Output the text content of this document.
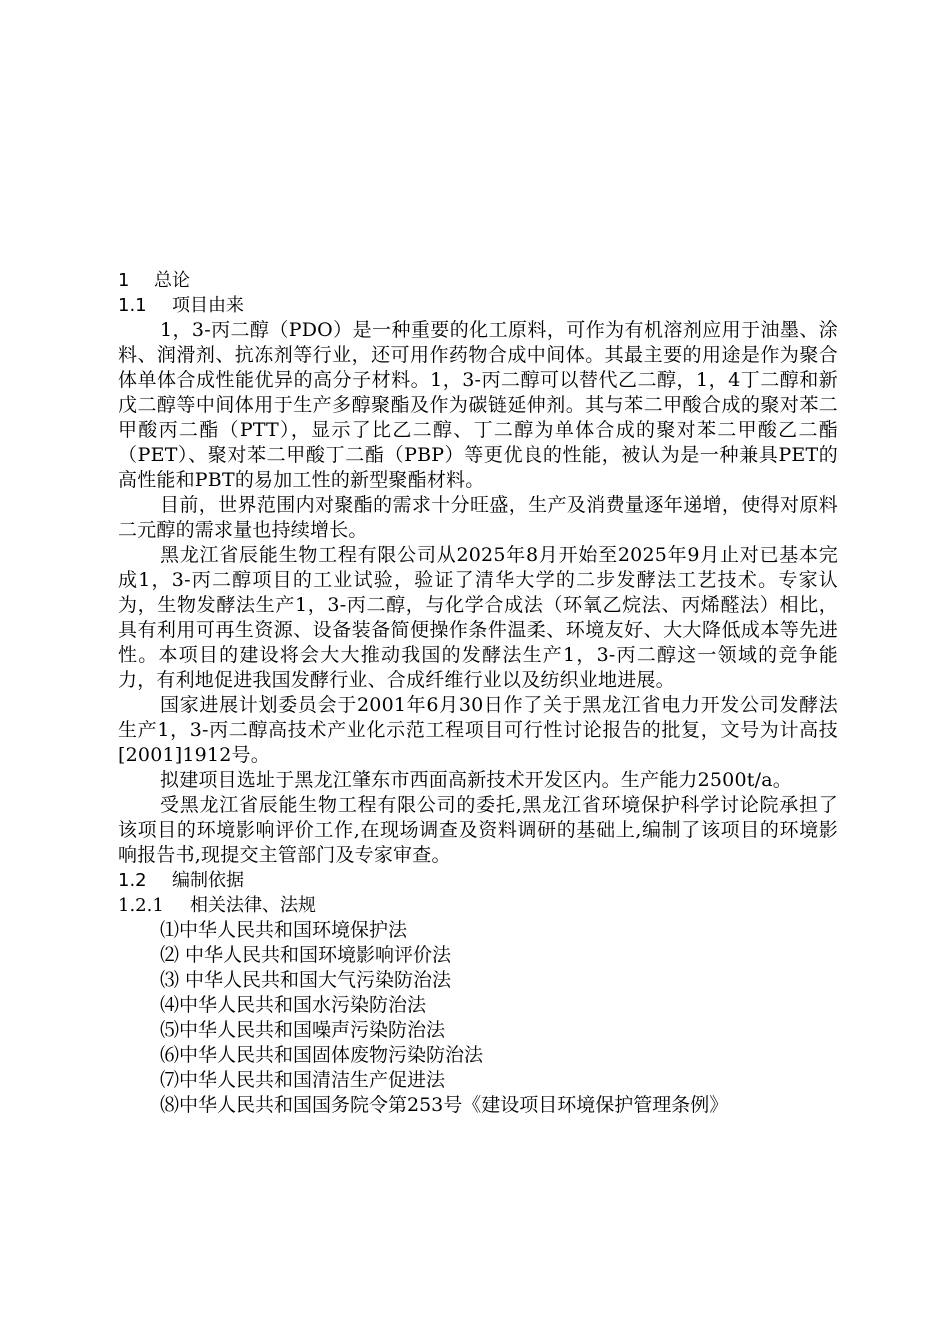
1 总论
1.1 项目由来

1，3-丙二醇（PDO）是一种重要的化工原料，可作为有机溶剂应用于油墨、涂料、润滑剂、抗冻剂等行业，还可用作药物合成中间体。其最主要的用途是作为聚合体单体合成性能优异的高分子材料。1，3-丙二醇可以替代乙二醇，1，4丁二醇和新戊二醇等中间体用于生产多醇聚酯及作为碳链延伸剂。其与苯二甲酸合成的聚对苯二甲酸丙二酯（PTT），显示了比乙二醇、丁二醇为单体合成的聚对苯二甲酸乙二酯（PET）、聚对苯二甲酸丁二酯（PBP）等更优良的性能，被认为是一种兼具PET的高性能和PBT的易加工性的新型聚酯材料。

目前，世界范围内对聚酯的需求十分旺盛，生产及消费量逐年递增，使得对原料二元醇的需求量也持续增长。

黑龙江省辰能生物工程有限公司从2025年8月开始至2025年9月止对已基本完成1，3-丙二醇项目的工业试验，验证了清华大学的二步发酵法工艺技术。专家认为，生物发酵法生产1，3-丙二醇，与化学合成法（环氧乙烷法、丙烯醛法）相比，具有利用可再生资源、设备装备简便操作条件温柔、环境友好、大大降低成本等先进性。本项目的建设将会大大推动我国的发酵法生产1，3-丙二醇这一领域的竞争能力，有利地促进我国发酵行业、合成纤维行业以及纺织业地进展。

国家进展计划委员会于2001年6月30日作了关于黑龙江省电力开发公司发酵法生产1，3-丙二醇高技术产业化示范工程项目可行性讨论报告的批复，文号为计高技[2001]1912号。

拟建项目选址于黑龙江肇东市西面高新技术开发区内。生产能力2500t/a。

受黑龙江省辰能生物工程有限公司的委托,黑龙江省环境保护科学讨论院承担了该项目的环境影响评价工作,在现场调查及资料调研的基础上,编制了该项目的环境影响报告书,现提交主管部门及专家审查。

1.2 编制依据
1.2.1 相关法律、法规
⑴中华人民共和国环境保护法
⑵ 中华人民共和国环境影响评价法
⑶ 中华人民共和国大气污染防治法
⑷中华人民共和国水污染防治法
⑸中华人民共和国噪声污染防治法
⑹中华人民共和国固体废物污染防治法
⑺中华人民共和国清洁生产促进法
⑻中华人民共和国国务院令第253号《建设项目环境保护管理条例》
